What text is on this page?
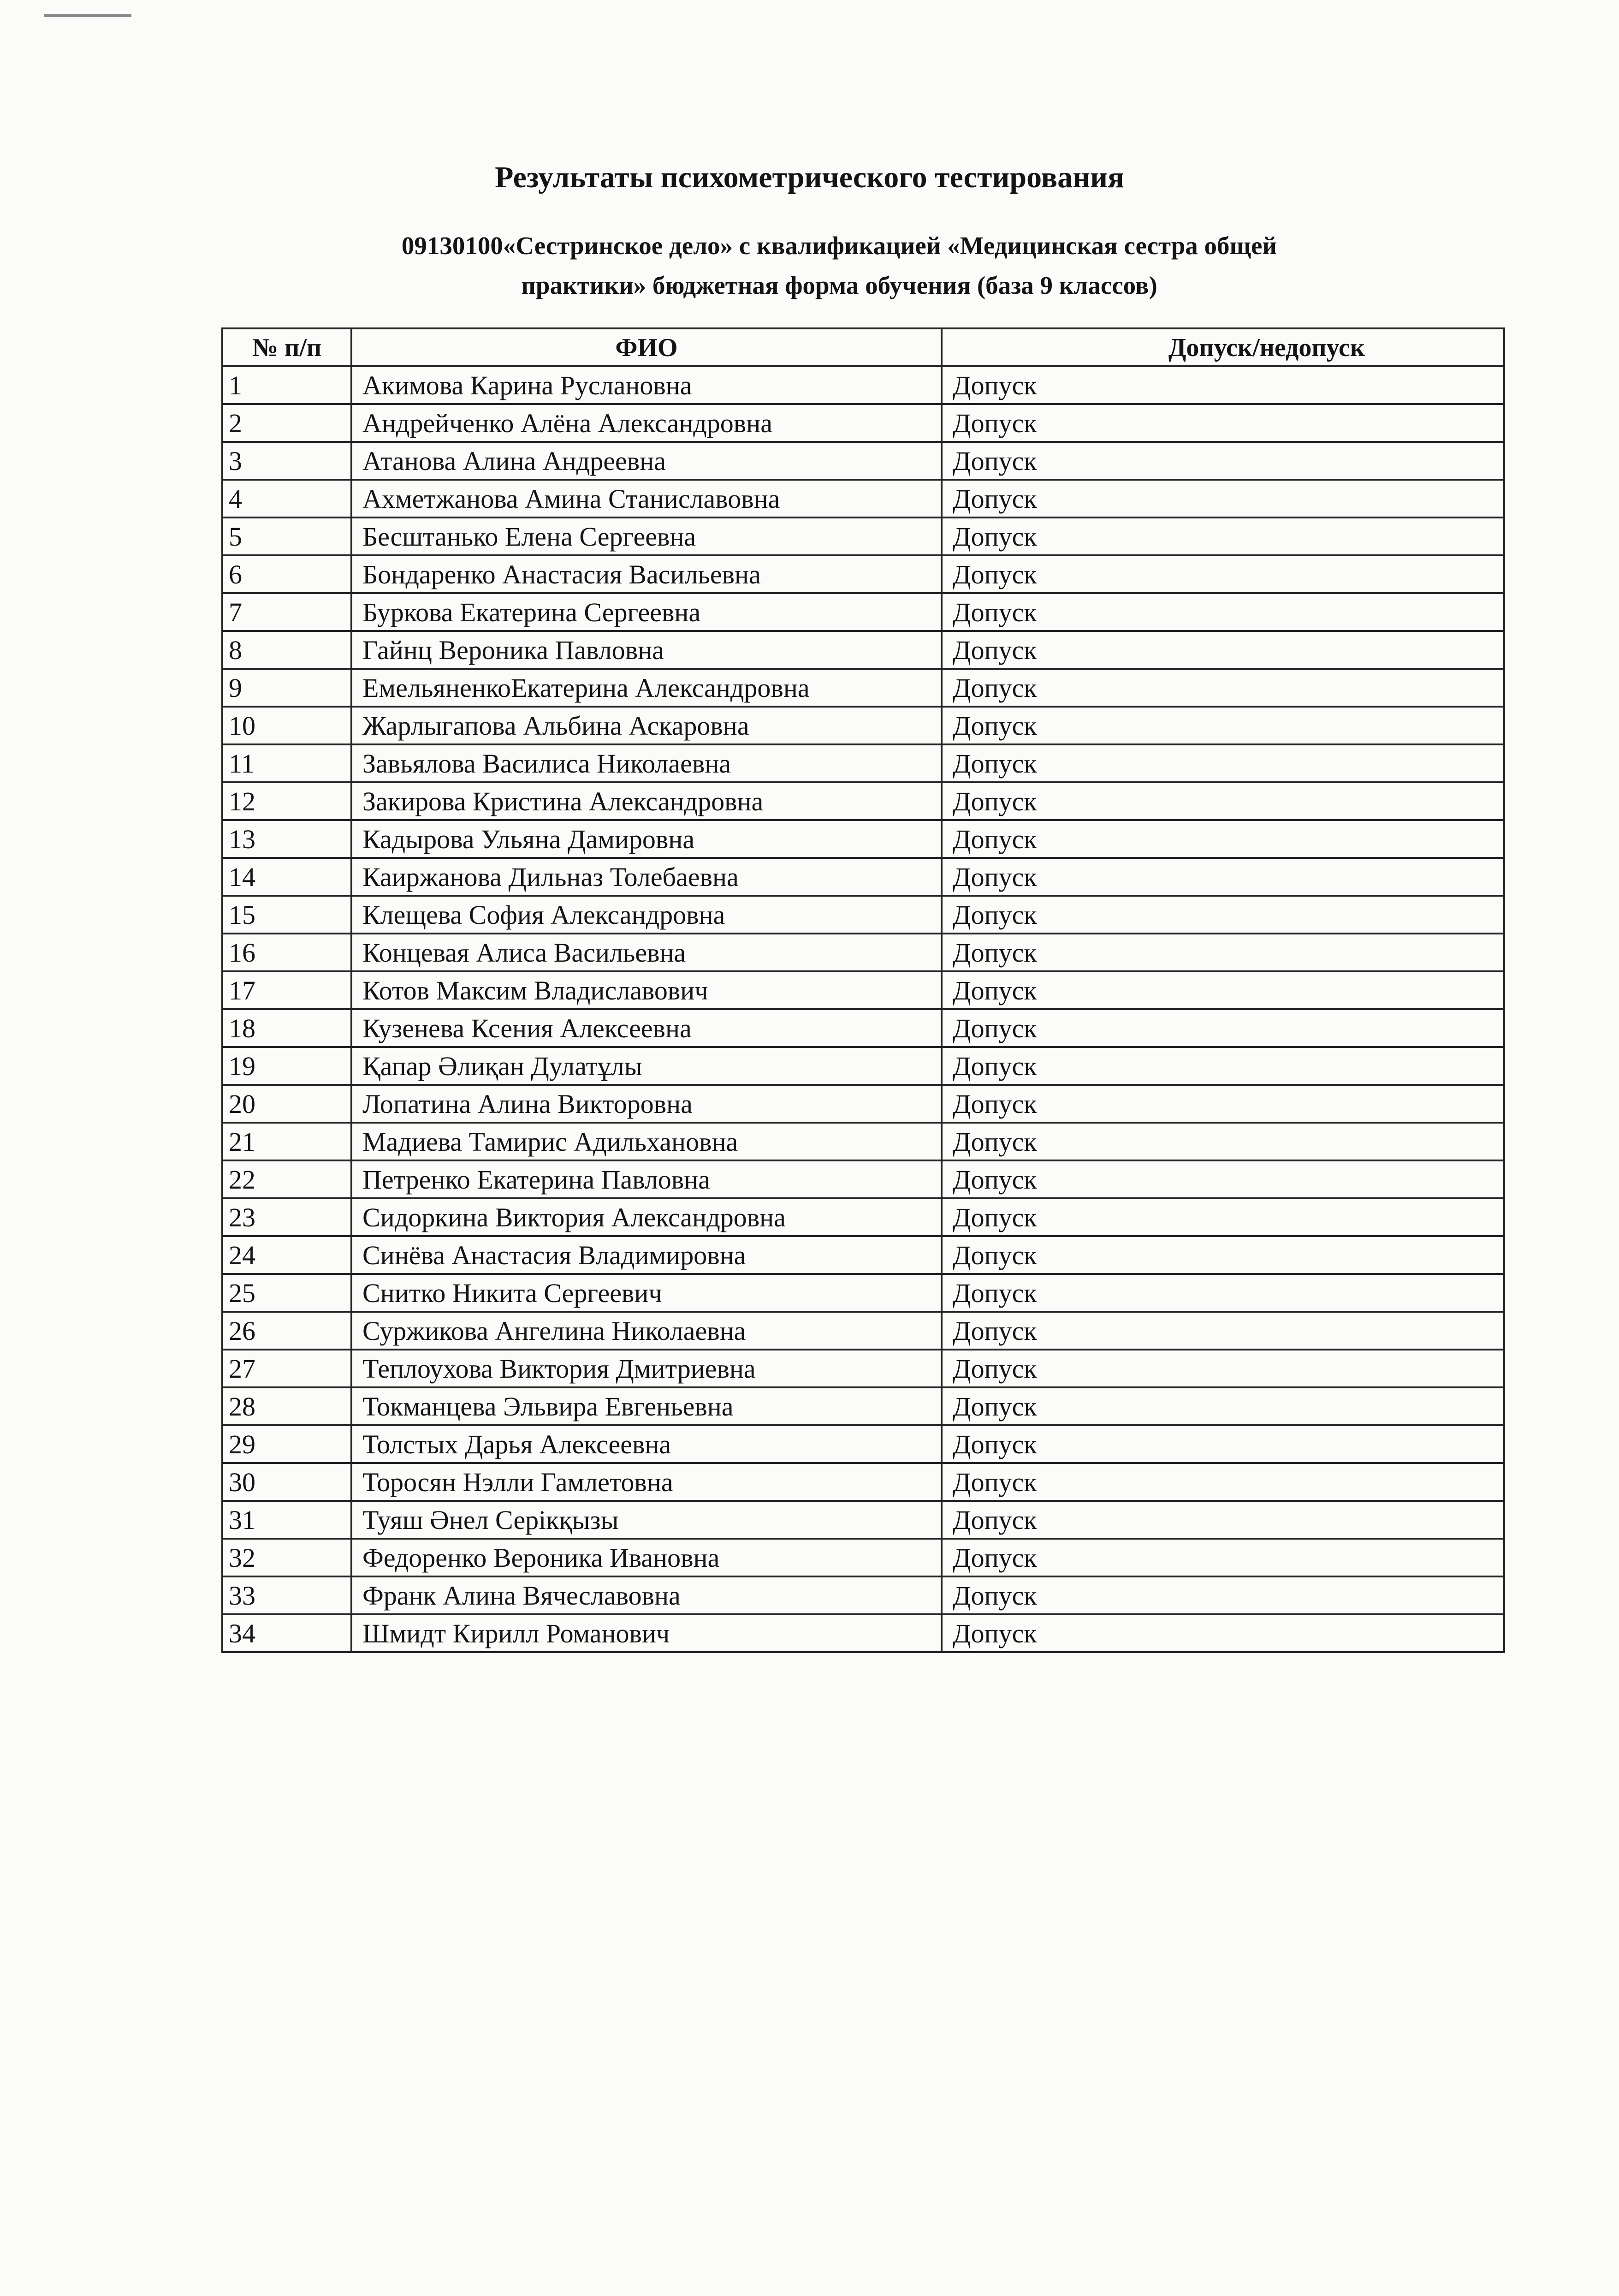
Результаты психометрического тестирования

09130100«Сестринское дело» с квалификацией «Медицинская сестра общей
практики» бюджетная форма обучения (база 9 классов)

№ п/п	ФИО	Допуск/недопуск
1	Акимова Карина Руслановна	Допуск
2	Андрейченко Алёна Александровна	Допуск
3	Атанова Алина Андреевна	Допуск
4	Ахметжанова Амина Станиславовна	Допуск
5	Бесштанько Елена Сергеевна	Допуск
6	Бондаренко Анастасия Васильевна	Допуск
7	Буркова Екатерина Сергеевна	Допуск
8	Гайнц Вероника Павловна	Допуск
9	ЕмельяненкоЕкатерина Александровна	Допуск
10	Жарлыгапова Альбина Аскаровна	Допуск
11	Завьялова Василиса Николаевна	Допуск
12	Закирова Кристина Александровна	Допуск
13	Кадырова Ульяна Дамировна	Допуск
14	Каиржанова Дильназ Толебаевна	Допуск
15	Клещева София Александровна	Допуск
16	Концевая Алиса Васильевна	Допуск
17	Котов Максим Владиславович	Допуск
18	Кузенева Ксения Алексеевна	Допуск
19	Қапар Әлиқан Дулатұлы	Допуск
20	Лопатина Алина Викторовна	Допуск
21	Мадиева Тамирис Адильхановна	Допуск
22	Петренко Екатерина Павловна	Допуск
23	Сидоркина Виктория Александровна	Допуск
24	Синёва Анастасия Владимировна	Допуск
25	Снитко Никита Сергеевич	Допуск
26	Суржикова Ангелина Николаевна	Допуск
27	Теплоухова Виктория Дмитриевна	Допуск
28	Токманцева Эльвира Евгеньевна	Допуск
29	Толстых Дарья Алексеевна	Допуск
30	Торосян Нэлли Гамлетовна	Допуск
31	Туяш Әнел Серікқызы	Допуск
32	Федоренко Вероника Ивановна	Допуск
33	Франк Алина Вячеславовна	Допуск
34	Шмидт Кирилл Романович	Допуск
